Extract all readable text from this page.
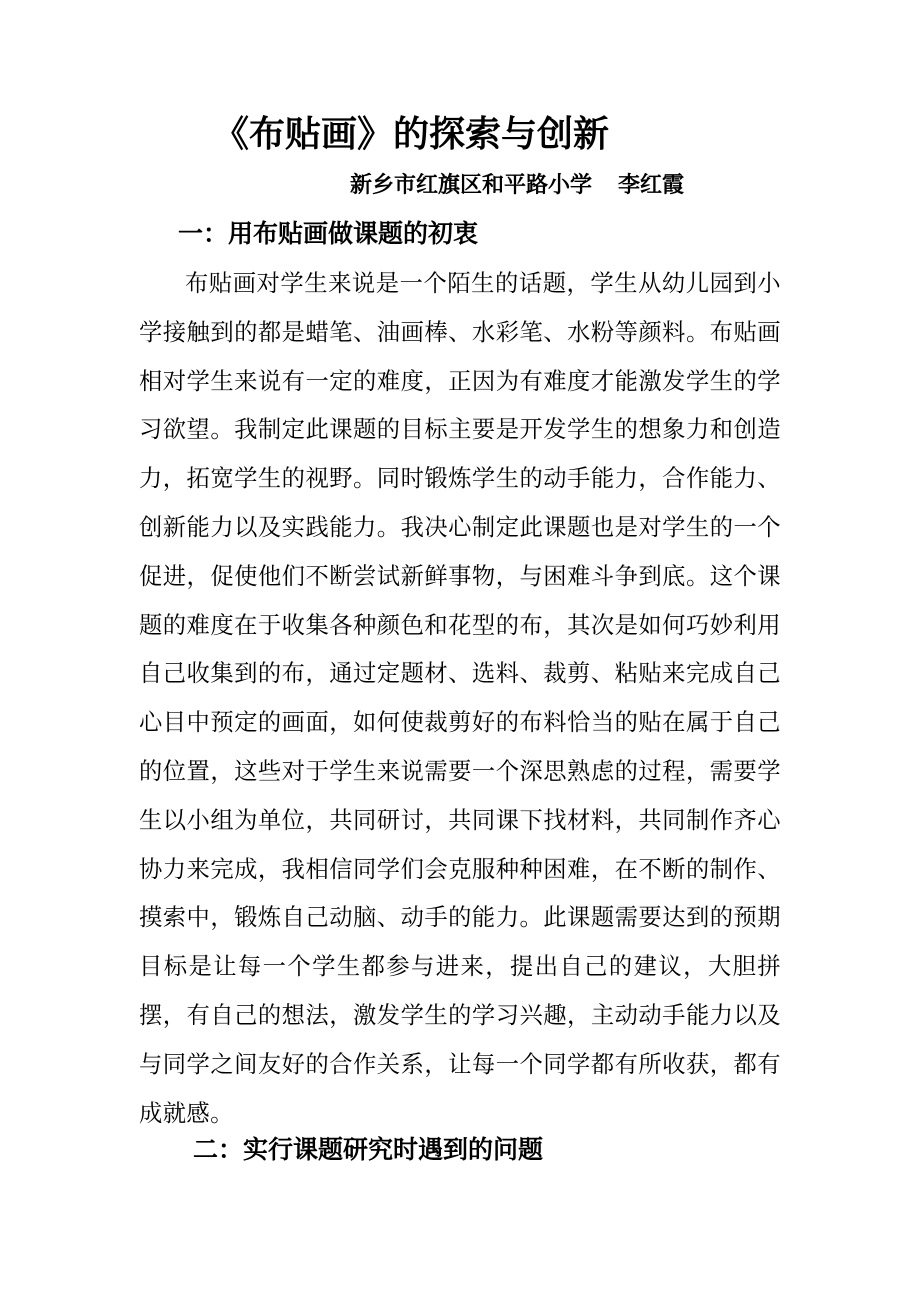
《布贴画》的探索与创新
新乡市红旗区和平路小学 李红霞
一：用布贴画做课题的初衷

布贴画对学生来说是一个陌生的话题，学生从幼儿园到小学接触到的都是蜡笔、油画棒、水彩笔、水粉等颜料。布贴画相对学生来说有一定的难度，正因为有难度才能激发学生的学习欲望。我制定此课题的目标主要是开发学生的想象力和创造力，拓宽学生的视野。同时锻炼学生的动手能力，合作能力、创新能力以及实践能力。我决心制定此课题也是对学生的一个促进，促使他们不断尝试新鲜事物，与困难斗争到底。这个课题的难度在于收集各种颜色和花型的布，其次是如何巧妙利用自己收集到的布，通过定题材、选料、裁剪、粘贴来完成自己心目中预定的画面，如何使裁剪好的布料恰当的贴在属于自己的位置，这些对于学生来说需要一个深思熟虑的过程，需要学生以小组为单位，共同研讨，共同课下找材料，共同制作齐心协力来完成，我相信同学们会克服种种困难，在不断的制作、摸索中，锻炼自己动脑、动手的能力。此课题需要达到的预期目标是让每一个学生都参与进来，提出自己的建议，大胆拼摆，有自己的想法，激发学生的学习兴趣，主动动手能力以及与同学之间友好的合作关系，让每一个同学都有所收获，都有成就感。

二：实行课题研究时遇到的问题
